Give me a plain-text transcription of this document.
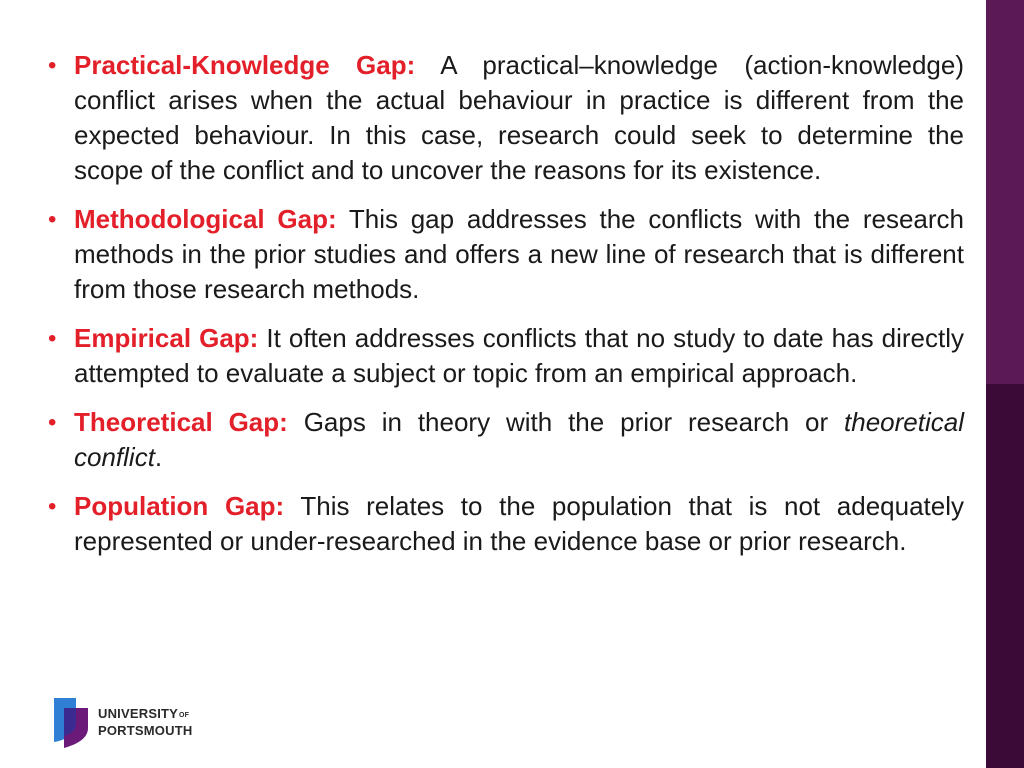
• Practical-Knowledge Gap: A practical–knowledge (action-knowledge) conflict arises when the actual behaviour in practice is different from the expected behaviour. In this case, research could seek to determine the scope of the conflict and to uncover the reasons for its existence.
• Methodological Gap: This gap addresses the conflicts with the research methods in the prior studies and offers a new line of research that is different from those research methods.
• Empirical Gap: It often addresses conflicts that no study to date has directly attempted to evaluate a subject or topic from an empirical approach.
• Theoretical Gap: Gaps in theory with the prior research or theoretical conflict.
• Population Gap: This relates to the population that is not adequately represented or under-researched in the evidence base or prior research.
UNIVERSITYOF
PORTSMOUTH
